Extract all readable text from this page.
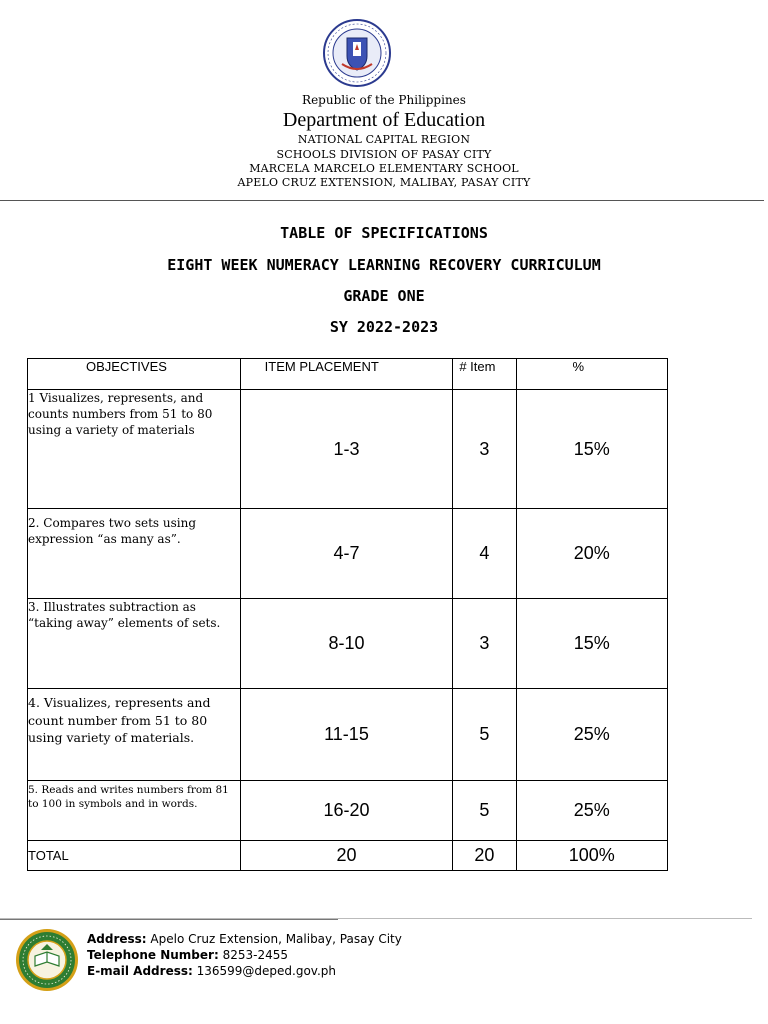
Republic of the Philippines
Department of Education
NATIONAL CAPITAL REGION
SCHOOLS DIVISION OF PASAY CITY
MARCELA MARCELO ELEMENTARY SCHOOL
APELO CRUZ EXTENSION, MALIBAY, PASAY CITY
TABLE OF SPECIFICATIONS
EIGHT WEEK NUMERACY LEARNING RECOVERY CURRICULUM
GRADE ONE
SY 2022-2023
OBJECTIVES	ITEM PLACEMENT	# Item	%
1 Visualizes, represents, and counts numbers from 51 to 80 using a variety of materials	1-3	3	15%
2. Compares two sets using expression “as many as”.	4-7	4	20%
3. Illustrates subtraction as “taking away” elements of sets.	8-10	3	15%
4. Visualizes, represents and count number from 51 to 80 using variety of materials.	11-15	5	25%
5. Reads and writes numbers from 81 to 100 in symbols and in words.	16-20	5	25%
TOTAL	20	20	100%
Address: Apelo Cruz Extension, Malibay, Pasay City
Telephone Number: 8253-2455
E-mail Address: 136599@deped.gov.ph
